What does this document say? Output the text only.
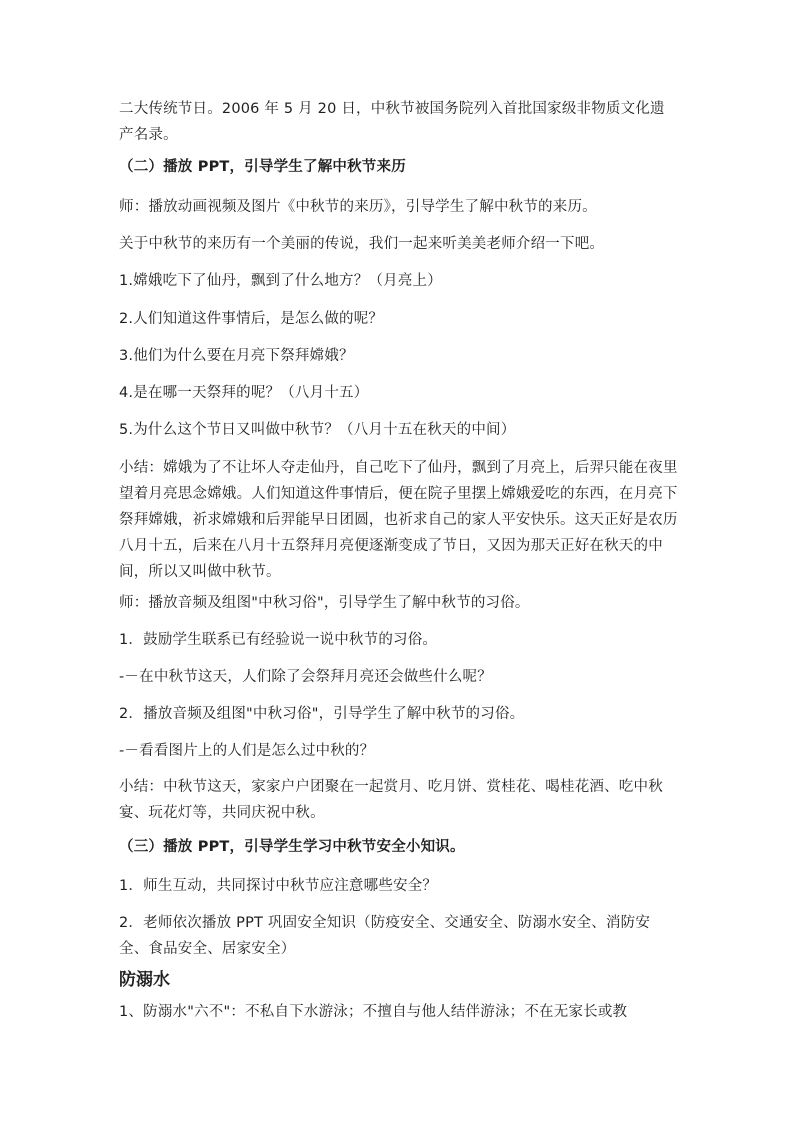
二大传统节日。2006 年 5 月 20 日，中秋节被国务院列入首批国家级非物质文化遗产名录。

（二）播放 PPT，引导学生了解中秋节来历

师：播放动画视频及图片《中秋节的来历》，引导学生了解中秋节的来历。

关于中秋节的来历有一个美丽的传说，我们一起来听美美老师介绍一下吧。

1.嫦娥吃下了仙丹，飘到了什么地方？（月亮上）

2.人们知道这件事情后，是怎么做的呢？

3.他们为什么要在月亮下祭拜嫦娥？

4.是在哪一天祭拜的呢？（八月十五）

5.为什么这个节日又叫做中秋节？（八月十五在秋天的中间）

小结：嫦娥为了不让坏人夺走仙丹，自己吃下了仙丹，飘到了月亮上，后羿只能在夜里望着月亮思念嫦娥。人们知道这件事情后，便在院子里摆上嫦娥爱吃的东西，在月亮下祭拜嫦娥，祈求嫦娥和后羿能早日团圆，也祈求自己的家人平安快乐。这天正好是农历八月十五，后来在八月十五祭拜月亮便逐渐变成了节日，又因为那天正好在秋天的中间，所以又叫做中秋节。

师：播放音频及组图"中秋习俗"，引导学生了解中秋节的习俗。

1．鼓励学生联系已有经验说一说中秋节的习俗。

-－在中秋节这天，人们除了会祭拜月亮还会做些什么呢？

2．播放音频及组图"中秋习俗"，引导学生了解中秋节的习俗。

-－看看图片上的人们是怎么过中秋的？

小结：中秋节这天，家家户户团聚在一起赏月、吃月饼、赏桂花、喝桂花酒、吃中秋宴、玩花灯等，共同庆祝中秋。

（三）播放 PPT，引导学生学习中秋节安全小知识。

1．师生互动，共同探讨中秋节应注意哪些安全？

2．老师依次播放 PPT 巩固安全知识（防疫安全、交通安全、防溺水安全、消防安全、食品安全、居家安全）

防溺水

1、防溺水"六不"：不私自下水游泳；不擅自与他人结伴游泳；不在无家长或教
